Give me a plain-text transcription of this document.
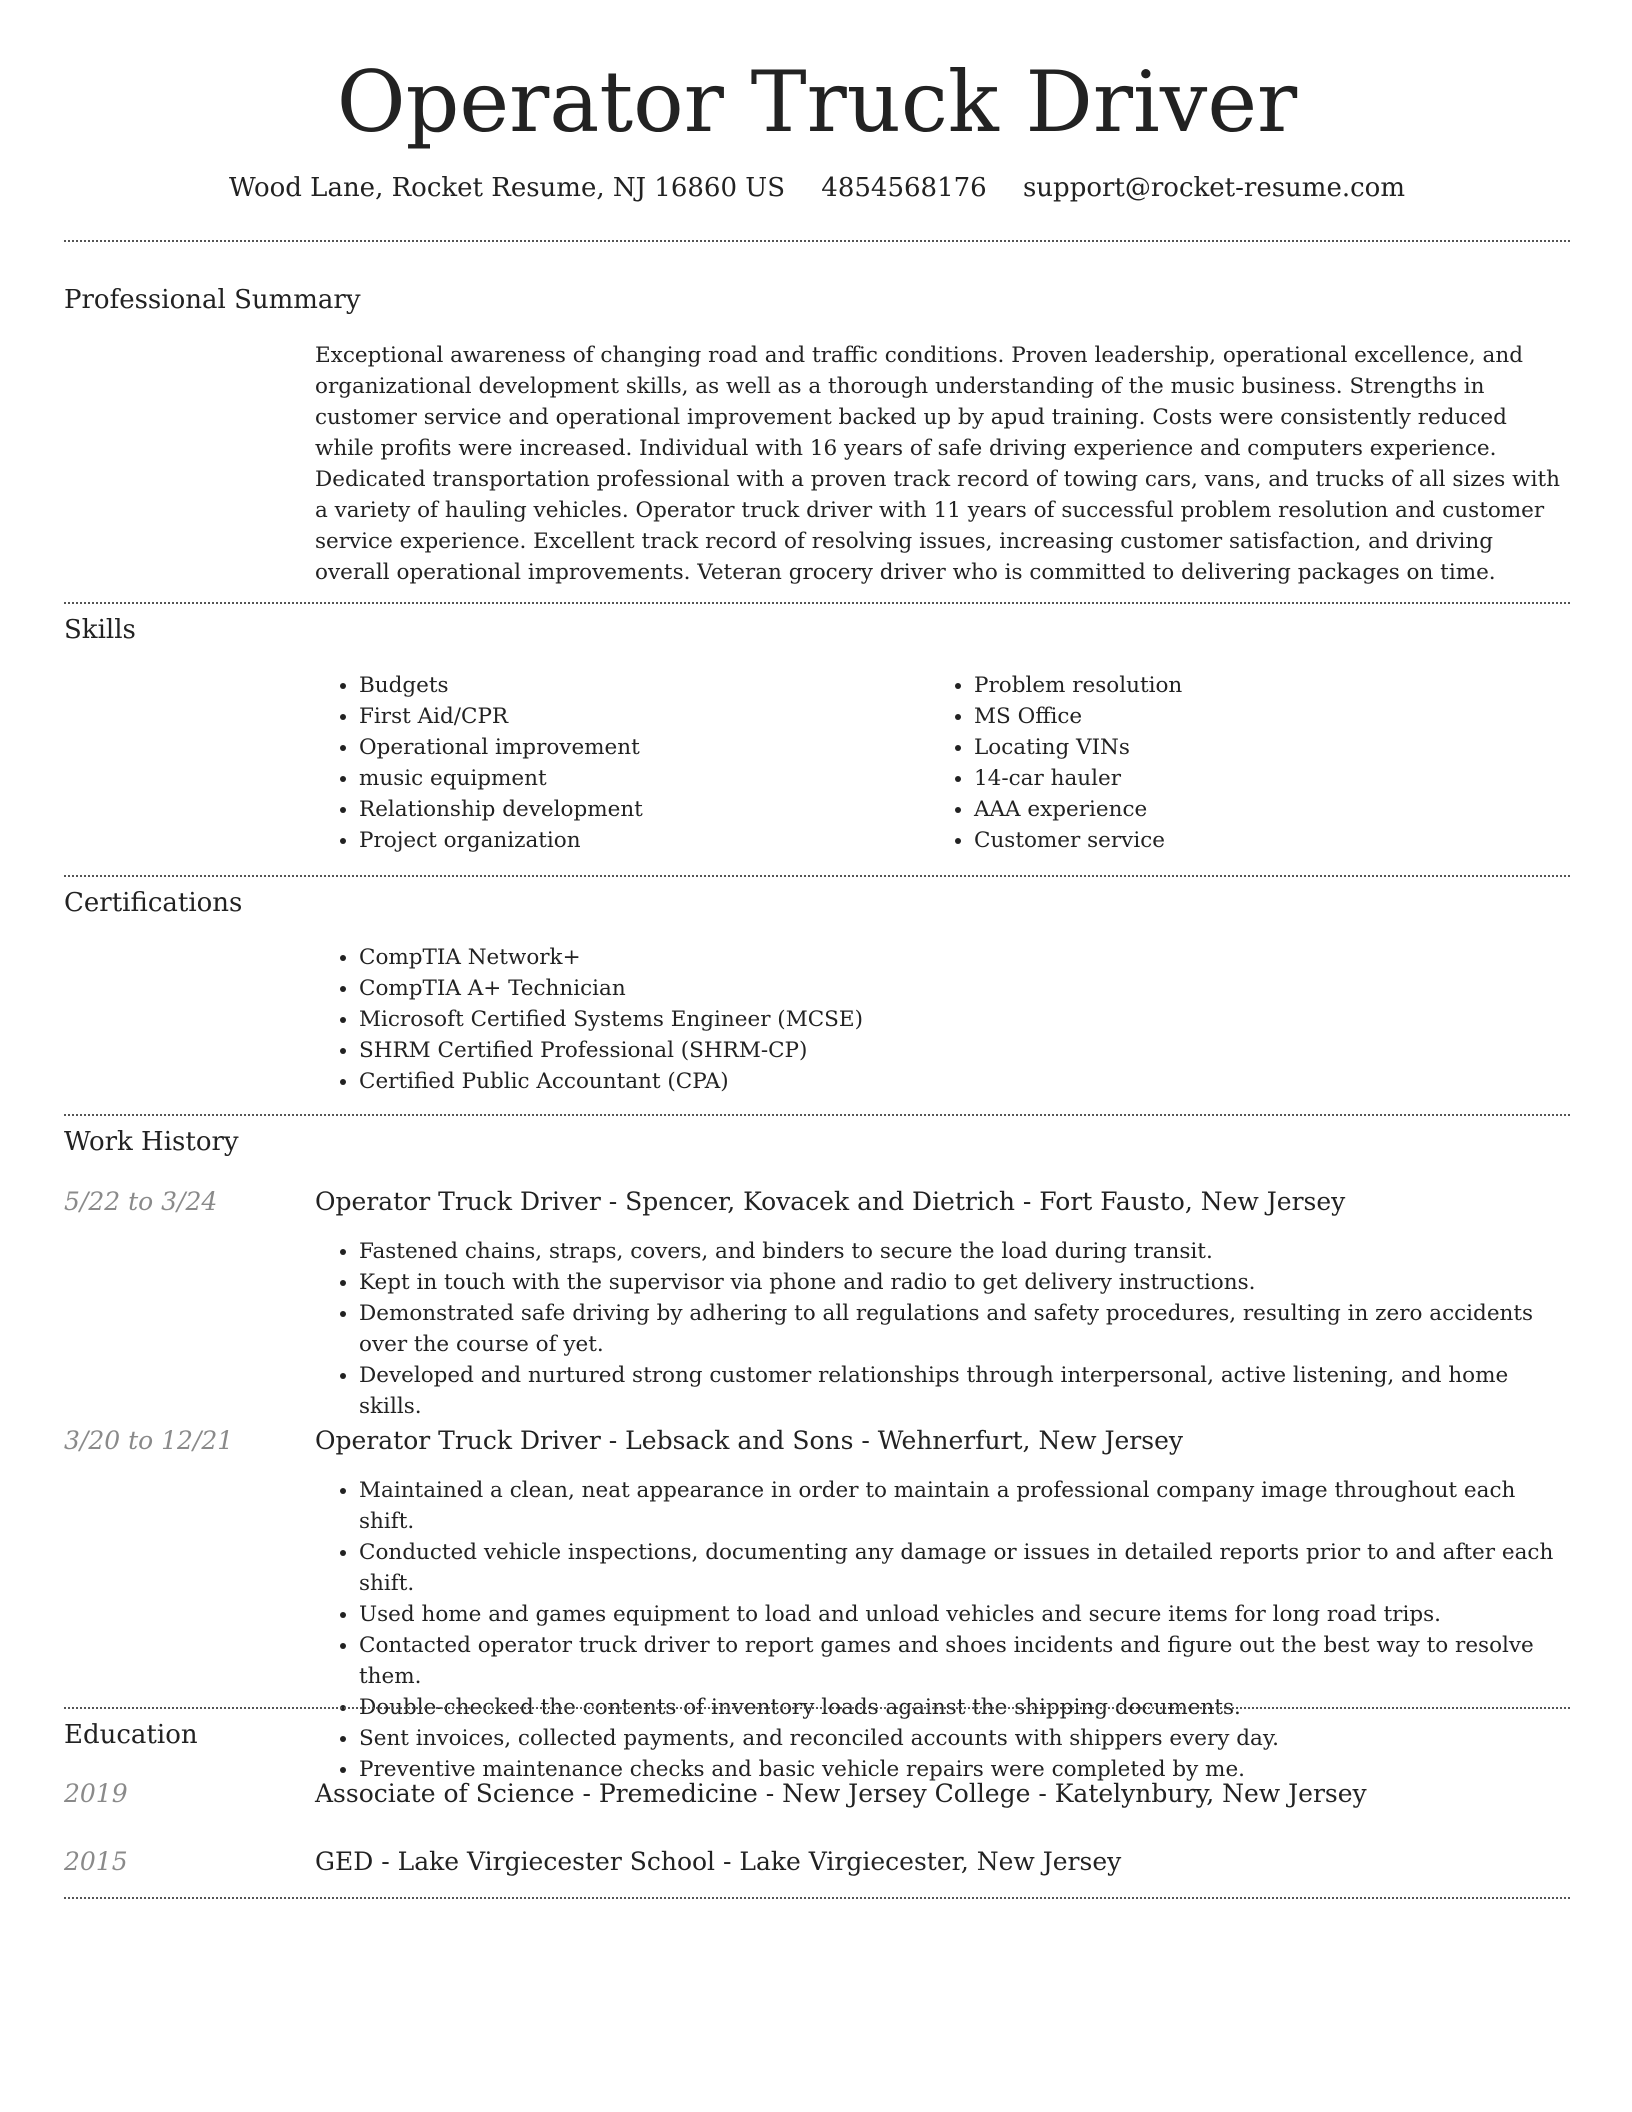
Operator Truck Driver
Wood Lane, Rocket Resume, NJ 16860 US 4854568176 support@rocket-resume.com
Professional Summary
Exceptional awareness of changing road and traffic conditions. Proven leadership, operational excellence, and organizational development skills, as well as a thorough understanding of the music business. Strengths in customer service and operational improvement backed up by apud training. Costs were consistently reduced while profits were increased. Individual with 16 years of safe driving experience and computers experience. Dedicated transportation professional with a proven track record of towing cars, vans, and trucks of all sizes with a variety of hauling vehicles. Operator truck driver with 11 years of successful problem resolution and customer service experience. Excellent track record of resolving issues, increasing customer satisfaction, and driving overall operational improvements. Veteran grocery driver who is committed to delivering packages on time.
Skills
• Budgets
• First Aid/CPR
• Operational improvement
• music equipment
• Relationship development
• Project organization
• Problem resolution
• MS Office
• Locating VINs
• 14-car hauler
• AAA experience
• Customer service
Certifications
• CompTIA Network+
• CompTIA A+ Technician
• Microsoft Certified Systems Engineer (MCSE)
• SHRM Certified Professional (SHRM-CP)
• Certified Public Accountant (CPA)
Work History
5/22 to 3/24	Operator Truck Driver - Spencer, Kovacek and Dietrich - Fort Fausto, New Jersey
• Fastened chains, straps, covers, and binders to secure the load during transit.
• Kept in touch with the supervisor via phone and radio to get delivery instructions.
• Demonstrated safe driving by adhering to all regulations and safety procedures, resulting in zero accidents over the course of yet.
• Developed and nurtured strong customer relationships through interpersonal, active listening, and home skills.
3/20 to 12/21	Operator Truck Driver - Lebsack and Sons - Wehnerfurt, New Jersey
• Maintained a clean, neat appearance in order to maintain a professional company image throughout each shift.
• Conducted vehicle inspections, documenting any damage or issues in detailed reports prior to and after each shift.
• Used home and games equipment to load and unload vehicles and secure items for long road trips.
• Contacted operator truck driver to report games and shoes incidents and figure out the best way to resolve them.
• Double-checked the contents of inventory loads against the shipping documents.
• Sent invoices, collected payments, and reconciled accounts with shippers every day.
• Preventive maintenance checks and basic vehicle repairs were completed by me.
Education
2019	Associate of Science - Premedicine - New Jersey College - Katelynbury, New Jersey
2015	GED - Lake Virgiecester School - Lake Virgiecester, New Jersey
